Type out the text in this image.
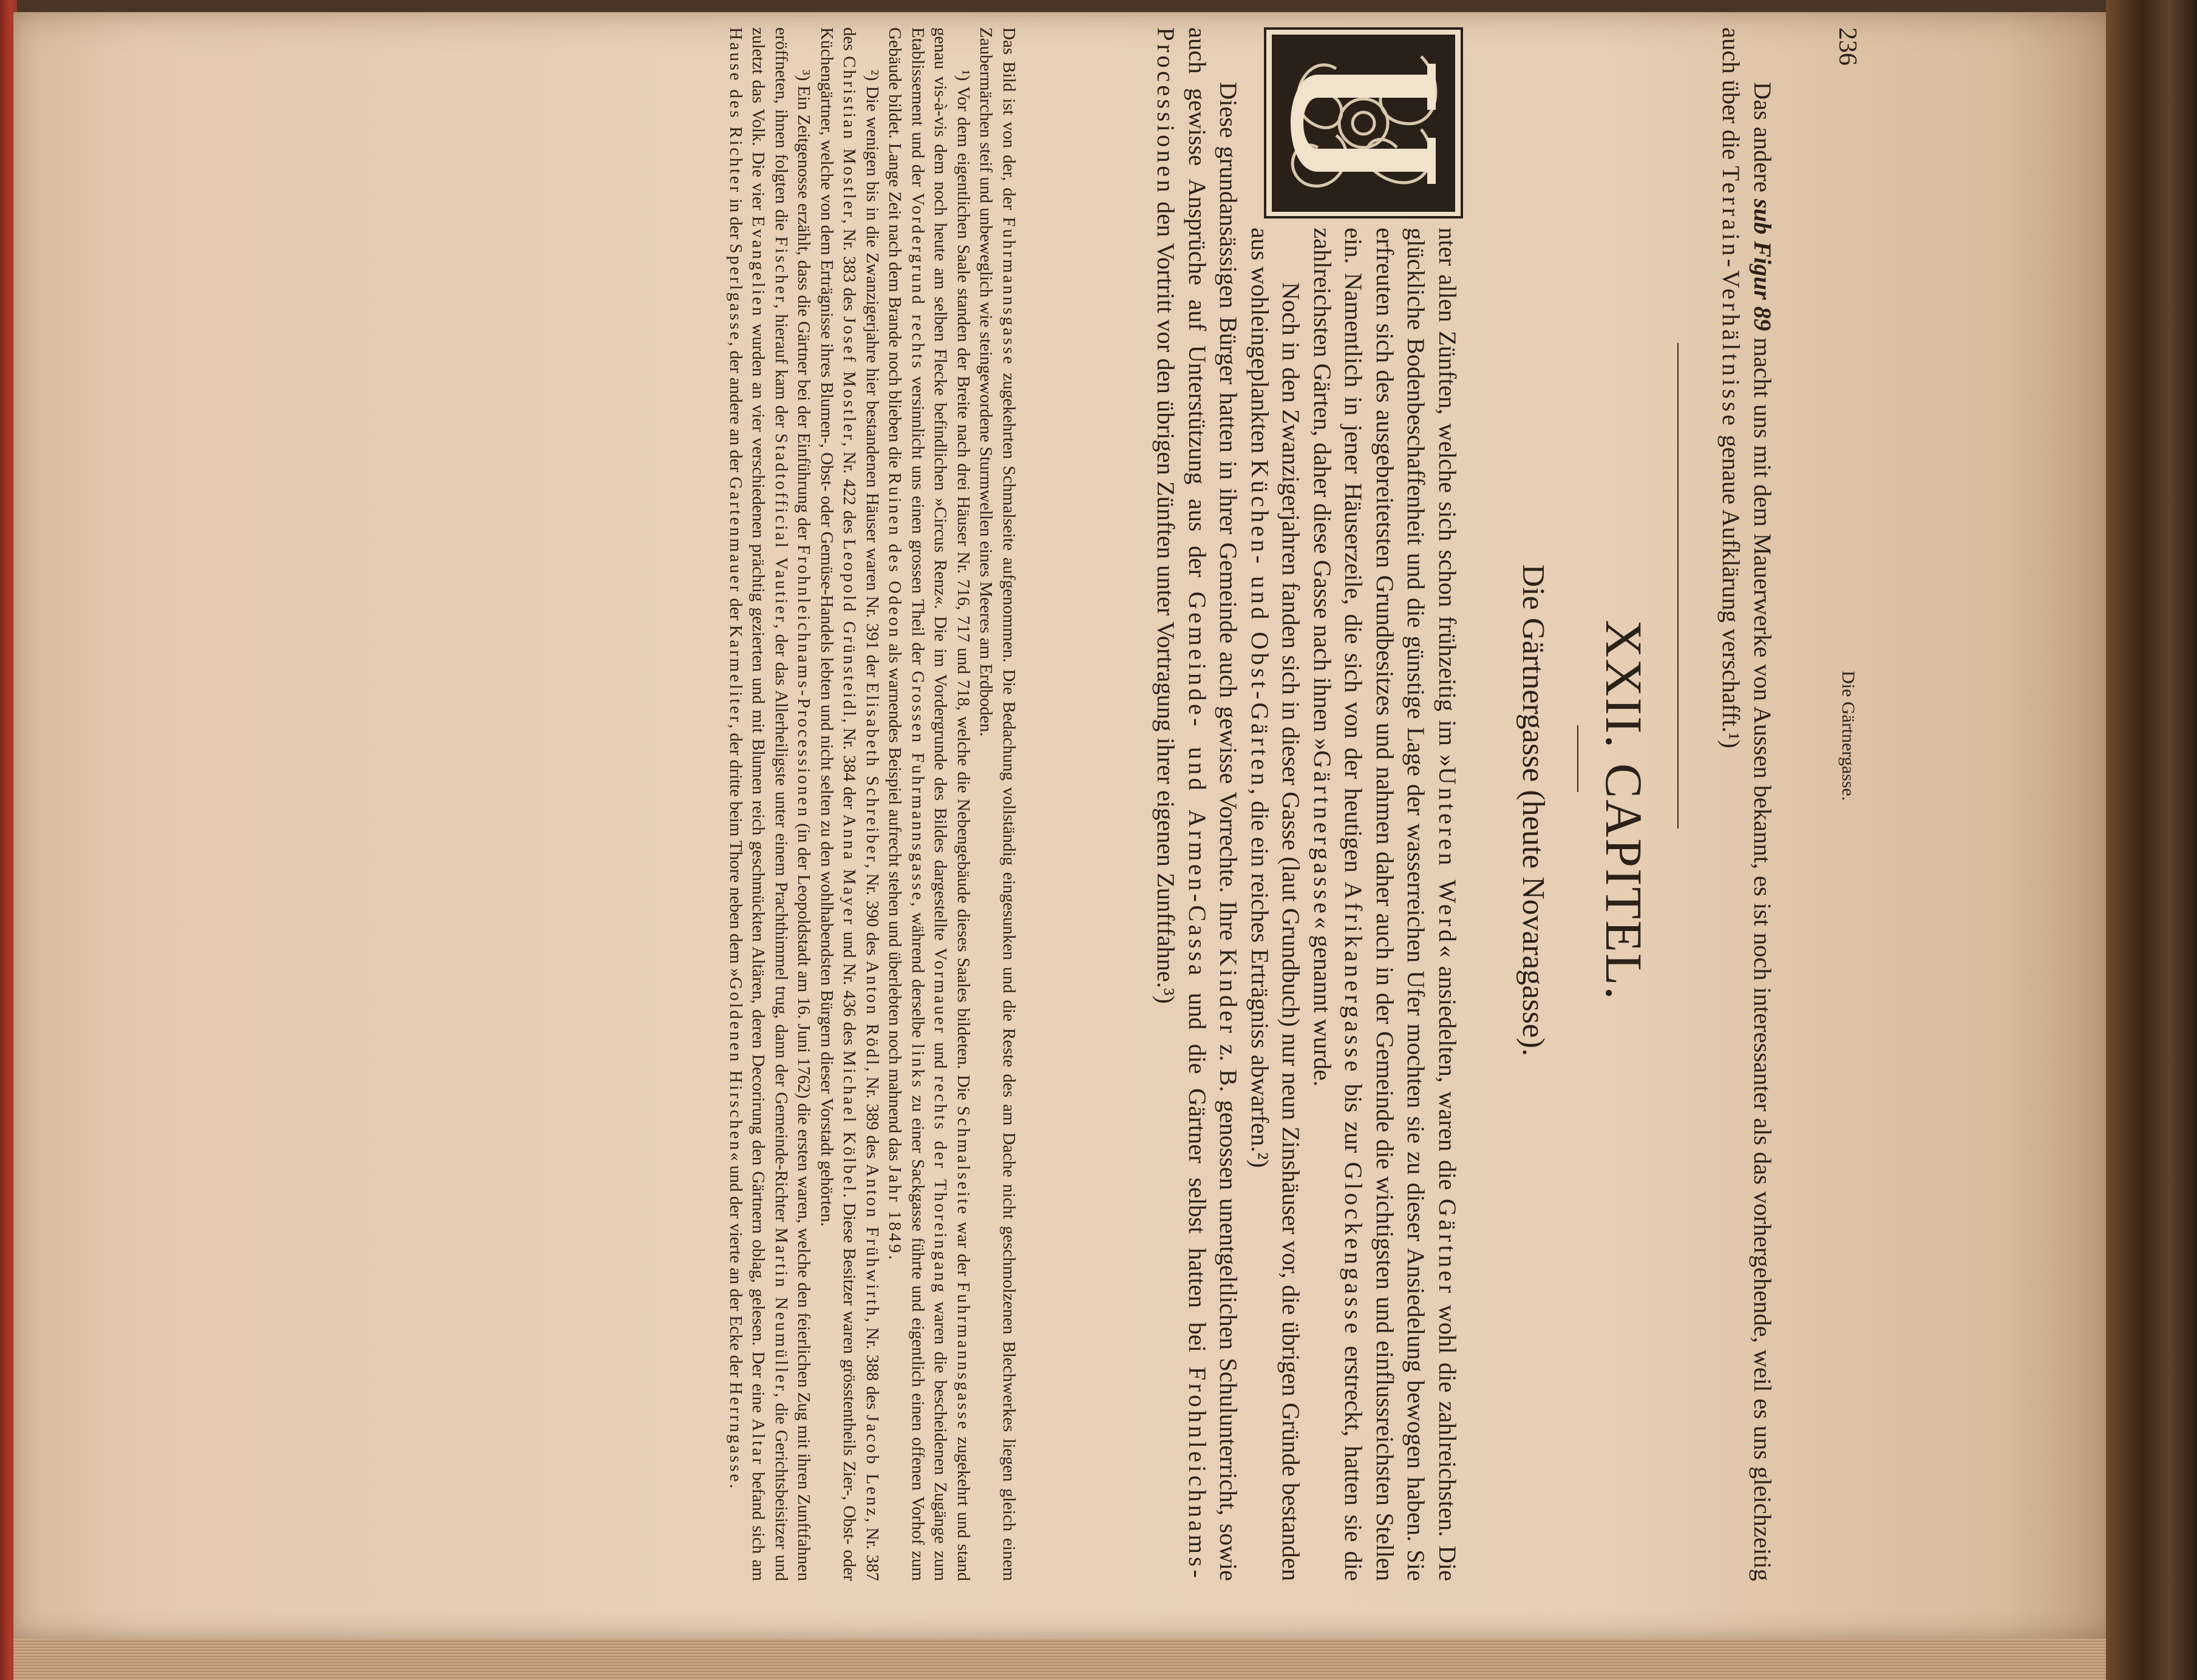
236
Die Gärtnergasse.

Das andere sub Figur 89 macht uns mit dem Mauerwerke von Aussen bekannt, es ist noch interessanter als das vorhergehende, weil es uns gleichzeitig auch über die Terrain-Verhältnisse genaue Aufklärung verschafft.¹)

XXII. CAPITEL.
Die Gärtnergasse (heute Novaragasse).
U

nter allen Zünften, welche sich schon frühzeitig im »Unteren Werd« ansiedelten, waren die Gärtner wohl die zahlreichsten. Die glückliche Bodenbeschaffenheit und die günstige Lage der wasserreichen Ufer mochten sie zu dieser Ansiedelung bewogen haben. Sie erfreuten sich des ausgebreitetsten Grundbesitzes und nahmen daher auch in der Gemeinde die wichtigsten und einflussreichsten Stellen ein. Namentlich in jener Häuserzeile, die sich von der heutigen Afrikanergasse bis zur Glockengasse erstreckt, hatten sie die zahlreichsten Gärten, daher diese Gasse nach ihnen »Gärtnergasse« genannt wurde.

Noch in den Zwanzigerjahren fanden sich in dieser Gasse (laut Grundbuch) nur neun Zinshäuser vor, die übrigen Gründe bestanden aus wohleingeplankten Küchen- und Obst-Gärten, die ein reiches Erträgniss abwarfen.²)

Diese grundansässigen Bürger hatten in ihrer Gemeinde auch gewisse Vorrechte. Ihre Kinder z. B. genossen unentgeltlichen Schulunterricht, sowie auch gewisse Ansprüche auf Unterstützung aus der Gemeinde- und Armen-Cassa und die Gärtner selbst hatten bei Frohnleichnams-Processionen den Vortritt vor den übrigen Zünften unter Vortragung ihrer eigenen Zunftfahne.³)

Das Bild ist von der, der Fuhrmannsgasse zugekehrten Schmalseite aufgenommen. Die Bedachung vollständig eingesunken und die Reste des am Dache nicht geschmolzenen Blechwerkes liegen gleich einem Zaubermärchen steif und unbeweglich wie steingewordene Sturmwellen eines Meeres am Erdboden.

¹) Vor dem eigentlichen Saale standen der Breite nach drei Häuser Nr. 716, 717 und 718, welche die Nebengebäude dieses Saales bildeten. Die Schmalseite war der Fuhrmannsgasse zugekehrt und stand genau vis-à-vis dem noch heute am selben Flecke befindlichen »Circus Renz«. Die im Vordergrunde des Bildes dargestellte Vormauer und rechts der Thoreingang waren die bescheidenen Zugänge zum Etablissement und der Vordergrund rechts versinnlicht uns einen grossen Theil der Grossen Fuhrmannsgasse, während derselbe links zu einer Sackgasse führte und eigentlich einen offenen Vorhof zum Gebäude bildet. Lange Zeit nach dem Brande noch blieben die Ruinen des Odeon als warnendes Beispiel aufrecht stehen und überlebten noch mahnend das Jahr 1849.

²) Die wenigen bis in die Zwanzigerjahre hier bestandenen Häuser waren Nr. 391 der Elisabeth Schreiber, Nr. 390 des Anton Rödl, Nr. 389 des Anton Frühwirth, Nr. 388 des Jacob Lenz, Nr. 387 des Christian Mostler, Nr. 383 des Josef Mostler, Nr. 422 des Leopold Grünsteidl, Nr. 384 der Anna Mayer und Nr. 436 des Michael Kölbel. Diese Besitzer waren grösstentheils Zier-, Obst- oder Küchengärtner, welche von dem Erträgnisse ihres Blumen-, Obst- oder Gemüse-Handels lebten und nicht selten zu den wohlhabendsten Bürgern dieser Vorstadt gehörten.

³) Ein Zeitgenosse erzählt, dass die Gärtner bei der Einführung der Frohnleichnams-Processionen (in der Leopoldstadt am 16. Juni 1762) die ersten waren, welche den feierlichen Zug mit ihren Zunftfahnen eröffneten, ihnen folgten die Fischer, hierauf kam der Stadtofficial Vautier, der das Allerheiligste unter einem Prachthimmel trug, dann der Gemeinde-Richter Martin Neumüller, die Gerichtsbeisitzer und zuletzt das Volk. Die vier Evangelien wurden an vier verschiedenen prächtig gezierten und mit Blumen reich geschmückten Altären, deren Decorirung den Gärtnern oblag, gelesen. Der eine Altar befand sich am Hause des Richter in der Sperlgasse, der andere an der Gartenmauer der Karmeliter, der dritte beim Thore neben dem »Goldenen Hirschen« und der vierte an der Ecke der Herrngasse.
